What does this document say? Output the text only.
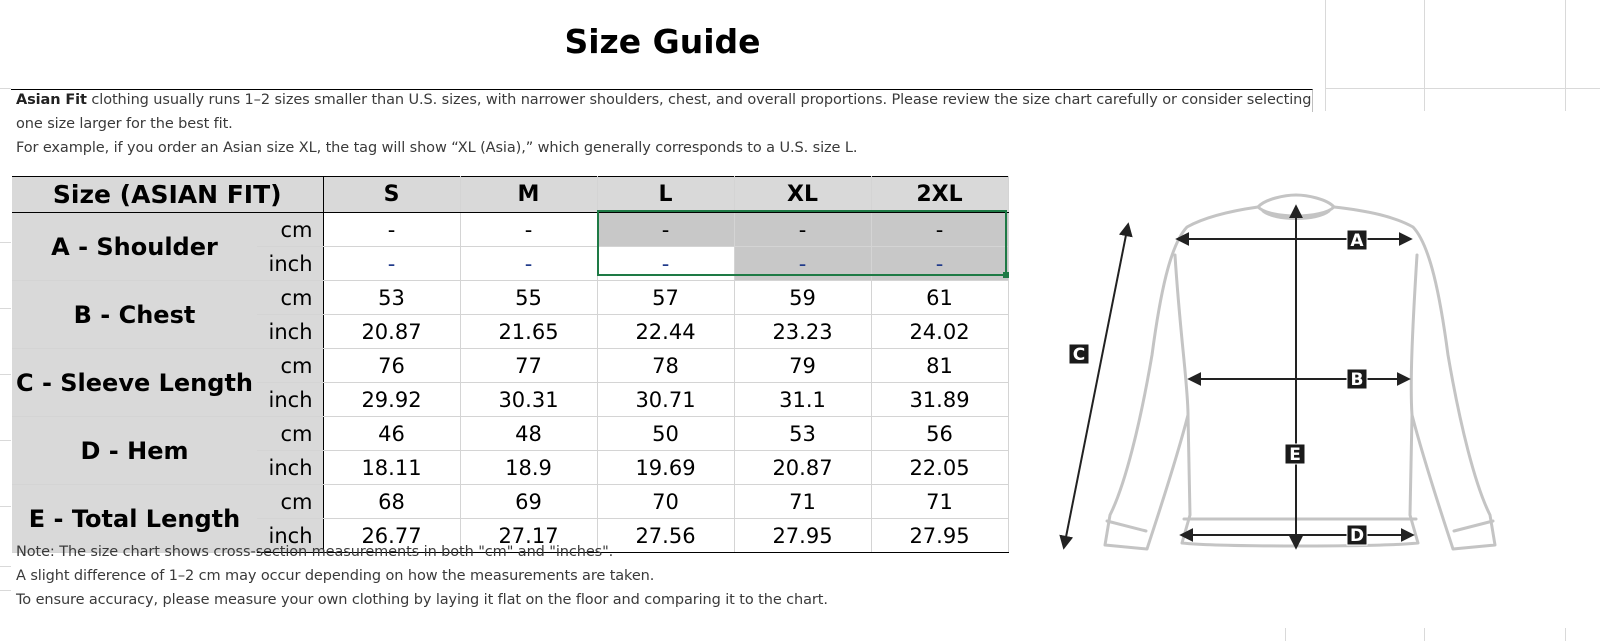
Size Guide
Asian Fit clothing usually runs 1–2 sizes smaller than U.S. sizes, with narrower shoulders, chest, and overall proportions. Please review the size chart carefully or consider selecting
one size larger for the best fit.
For example, if you order an Asian size XL, the tag will show “XL (Asia),” which generally corresponds to a U.S. size L.
Size (ASIAN FIT)		S	M	L	XL	2XL
A - Shoulder	cm	-	-	-	-	-
	inch	-	-	-	-	-
B - Chest	cm	53	55	57	59	61
	inch	20.87	21.65	22.44	23.23	24.02
C - Sleeve Length	cm	76	77	78	79	81
	inch	29.92	30.31	30.71	31.1	31.89
D - Hem	cm	46	48	50	53	56
	inch	18.11	18.9	19.69	20.87	22.05
E - Total Length	cm	68	69	70	71	71
	inch	26.77	27.17	27.56	27.95	27.95
Note: The size chart shows cross-section measurements in both "cm" and "inches".
A slight difference of 1–2 cm may occur depending on how the measurements are taken.
To ensure accuracy, please measure your own clothing by laying it flat on the floor and comparing it to the chart.
A
B
C
D
E
